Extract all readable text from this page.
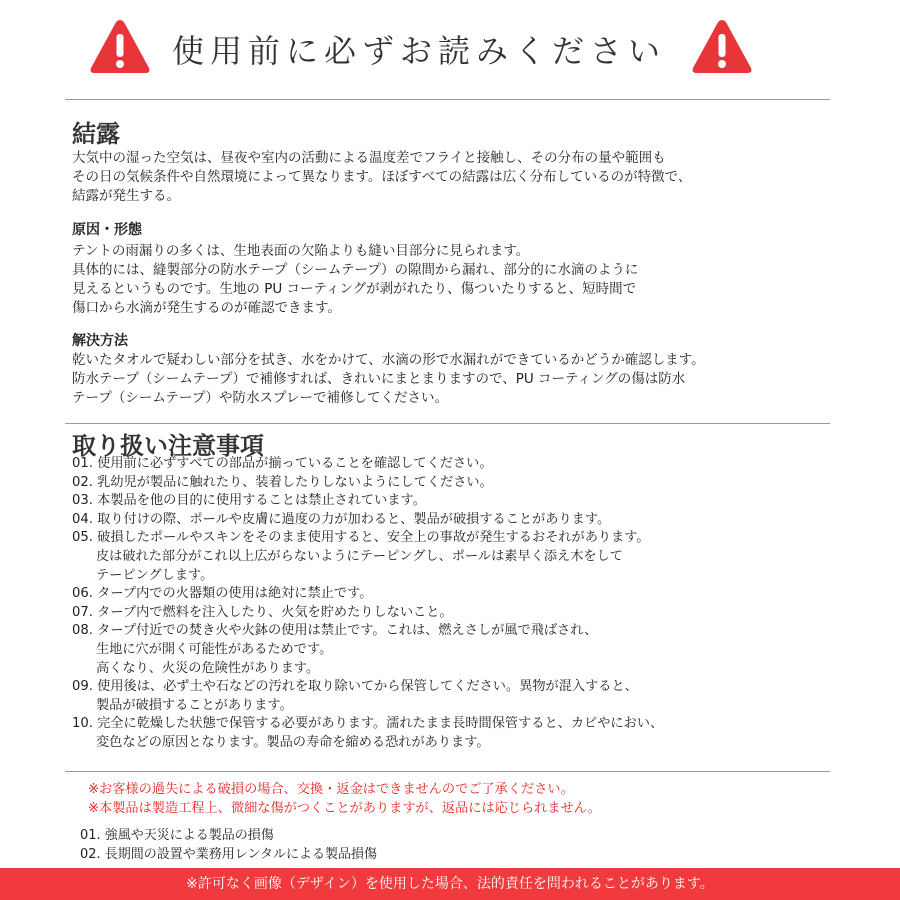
使用前に必ずお読みください
結露
大気中の湿った空気は、昼夜や室内の活動による温度差でフライと接触し、その分布の量や範囲も
その日の気候条件や自然環境によって異なります。ほぼすべての結露は広く分布しているのが特徴で、
結露が発生する。
原因・形態
テントの雨漏りの多くは、生地表面の欠陥よりも縫い目部分に見られます。
具体的には、縫製部分の防水テープ（シームテープ）の隙間から漏れ、部分的に水滴のように
見えるというものです。生地の PU コーティングが剥がれたり、傷ついたりすると、短時間で
傷口から水滴が発生するのが確認できます。
解決方法
乾いたタオルで疑わしい部分を拭き、水をかけて、水滴の形で水漏れができているかどうか確認します。
防水テープ（シームテープ）で補修すれば、きれいにまとまりますので、PU コーティングの傷は防水
テープ（シームテープ）や防水スプレーで補修してください。
取り扱い注意事項
01. 使用前に必ずすべての部品が揃っていることを確認してください。
02. 乳幼児が製品に触れたり、装着したりしないようにしてください。
03. 本製品を他の目的に使用することは禁止されています。
04. 取り付けの際、ポールや皮膚に過度の力が加わると、製品が破損することがあります。
05. 破損したポールやスキンをそのまま使用すると、安全上の事故が発生するおそれがあります。
皮は破れた部分がこれ以上広がらないようにテーピングし、ポールは素早く添え木をして
テーピングします。
06. タープ内での火器類の使用は絶対に禁止です。
07. タープ内で燃料を注入したり、火気を貯めたりしないこと。
08. タープ付近での焚き火や火鉢の使用は禁止です。これは、燃えさしが風で飛ばされ、
生地に穴が開く可能性があるためです。
高くなり、火災の危険性があります。
09. 使用後は、必ず土や石などの汚れを取り除いてから保管してください。異物が混入すると、
製品が破損することがあります。
10. 完全に乾燥した状態で保管する必要があります。濡れたまま長時間保管すると、カビやにおい、
変色などの原因となります。製品の寿命を縮める恐れがあります。
※お客様の過失による破損の場合、交換・返金はできませんのでご了承ください。
※本製品は製造工程上、微細な傷がつくことがありますが、返品には応じられません。
01. 強風や天災による製品の損傷
02. 長期間の設置や業務用レンタルによる製品損傷
※許可なく画像（デザイン）を使用した場合、法的責任を問われることがあります。
